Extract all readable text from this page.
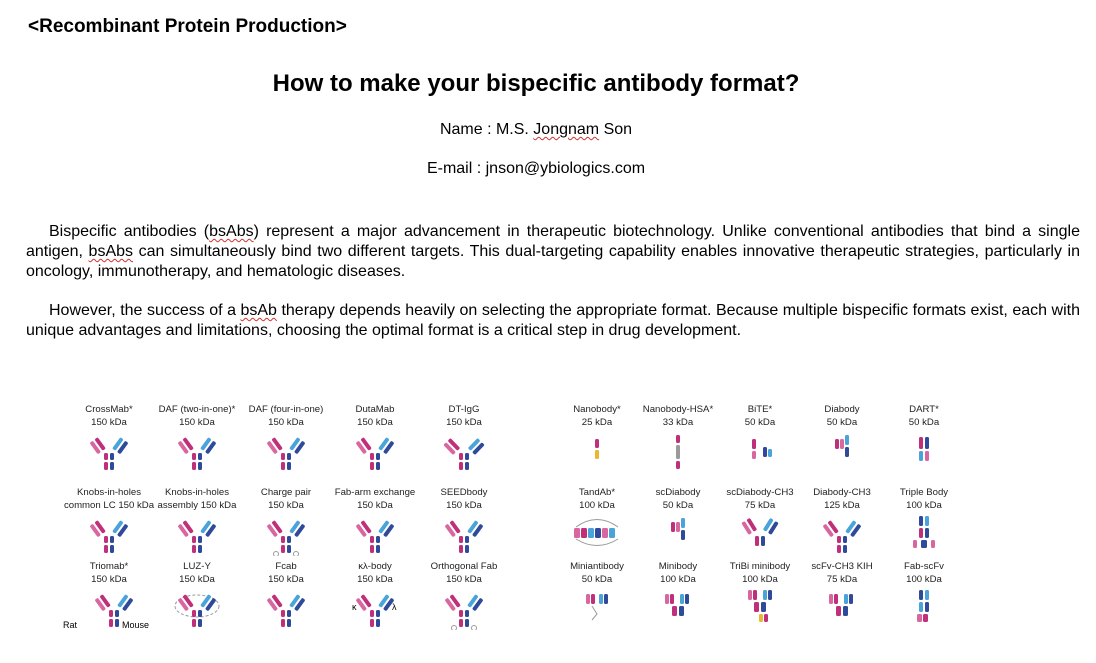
<Recombinant Protein Production>
How to make your bispecific antibody format?
Name : M.S. Jongnam Son
E-mail : jnson@ybiologics.com
Bispecific antibodies (bsAbs) represent a major advancement in therapeutic biotechnology. Unlike conventional antibodies that bind a single antigen, bsAbs can simultaneously bind two different targets. This dual-targeting capability enables innovative therapeutic strategies, particularly in oncology, immunotherapy, and hematologic diseases.
However, the success of a bsAb therapy depends heavily on selecting the appropriate format. Because multiple bispecific formats exist, each with unique advantages and limitations, choosing the optimal format is a critical step in drug development.
CrossMab*
150 kDa
DAF (two-in-one)*
150 kDa
DAF (four-in-one)
150 kDa
DutaMab
150 kDa
DT-IgG
150 kDa
Nanobody*
25 kDa
Nanobody-HSA*
33 kDa
BiTE*
50 kDa
Diabody
50 kDa
DART*
50 kDa
Knobs-in-holes
common LC 150 kDa
Knobs-in-holes
assembly 150 kDa
Charge pair
150 kDa
Fab-arm exchange
150 kDa
SEEDbody
150 kDa
TandAb*
100 kDa
scDiabody
50 kDa
scDiabody-CH3
75 kDa
Diabody-CH3
125 kDa
Triple Body
100 kDa
Triomab*
150 kDa
Rat	Mouse
LUZ-Y
150 kDa
Fcab
150 kDa
κλ-body
150 kDa
κ	λ
Orthogonal Fab
150 kDa
Miniantibody
50 kDa
Minibody
100 kDa
TriBi minibody
100 kDa
scFv-CH3 KIH
75 kDa
Fab-scFv
100 kDa
